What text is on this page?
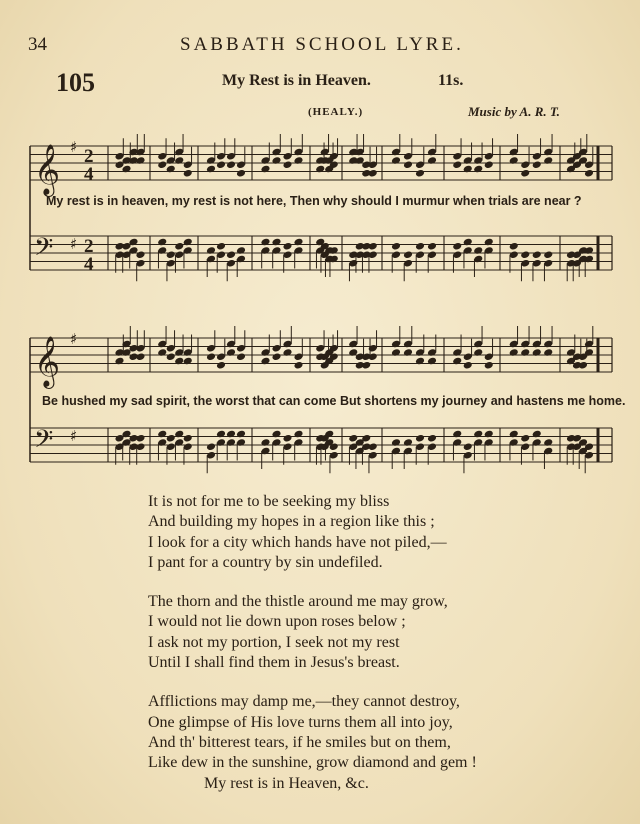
34	SABBATH SCHOOL LYRE.
105	My Rest is in Heaven.	11s.
(HEALY.)	Music by A. R. T.
𝄞 ♯ 2
4
𝄢 ♯ 2
4
𝄞 ♯
𝄢 ♯
My rest is in heaven, my rest is not here, Then why should I murmur when trials are near ?
Be hushed my sad spirit, the worst that can come But shortens my journey and hastens me home.
It is not for me to be seeking my bliss
And building my hopes in a region like this ;
I look for a city which hands have not piled,—
I pant for a country by sin undefiled.
The thorn and the thistle around me may grow,
I would not lie down upon roses below ;
I ask not my portion, I seek not my rest
Until I shall find them in Jesus's breast.
Afflictions may damp me,—they cannot destroy,
One glimpse of His love turns them all into joy,
And th' bitterest tears, if he smiles but on them,
Like dew in the sunshine, grow diamond and gem !
My rest is in Heaven, &c.
